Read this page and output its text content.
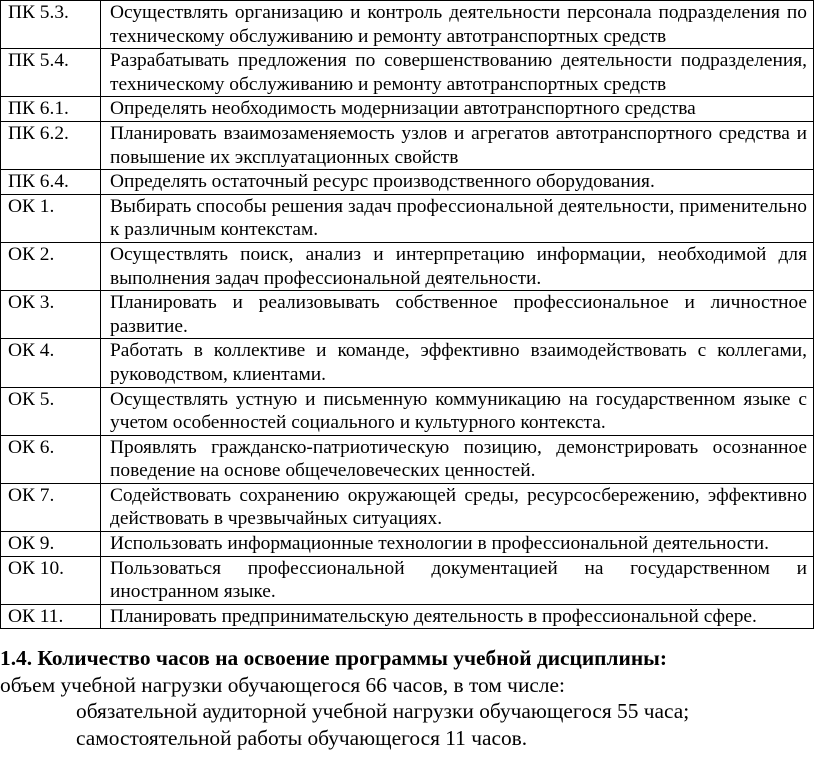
ПК 5.3.	Осуществлять организацию и контроль деятельности персонала подразделения по техническому обслуживанию и ремонту автотранспортных средств
ПК 5.4.	Разрабатывать предложения по совершенствованию деятельности подразделения, техническому обслуживанию и ремонту автотранспортных средств
ПК 6.1.	Определять необходимость модернизации автотранспортного средства
ПК 6.2.	Планировать взаимозаменяемость узлов и агрегатов автотранспортного средства и повышение их эксплуатационных свойств
ПК 6.4.	Определять остаточный ресурс производственного оборудования.
ОК 1.	Выбирать способы решения задач профессиональной деятельности, применительно к различным контекстам.
ОК 2.	Осуществлять поиск, анализ и интерпретацию информации, необходимой для выполнения задач профессиональной деятельности.
ОК 3.	Планировать и реализовывать собственное профессиональное и личностное развитие.
ОК 4.	Работать в коллективе и команде, эффективно взаимодействовать с коллегами, руководством, клиентами.
ОК 5.	Осуществлять устную и письменную коммуникацию на государственном языке с учетом особенностей социального и культурного контекста.
ОК 6.	Проявлять гражданско-патриотическую позицию, демонстрировать осознанное поведение на основе общечеловеческих ценностей.
ОК 7.	Содействовать сохранению окружающей среды, ресурсосбережению, эффективно действовать в чрезвычайных ситуациях.
ОК 9.	Использовать информационные технологии в профессиональной деятельности.
ОК 10.	Пользоваться профессиональной документацией на государственном и иностранном языке.
ОК 11.	Планировать предпринимательскую деятельность в профессиональной сфере.
1.4. Количество часов на освоение программы учебной дисциплины:
объем учебной нагрузки обучающегося 66 часов, в том числе:
обязательной аудиторной учебной нагрузки обучающегося 55 часа;
самостоятельной работы обучающегося 11 часов.
